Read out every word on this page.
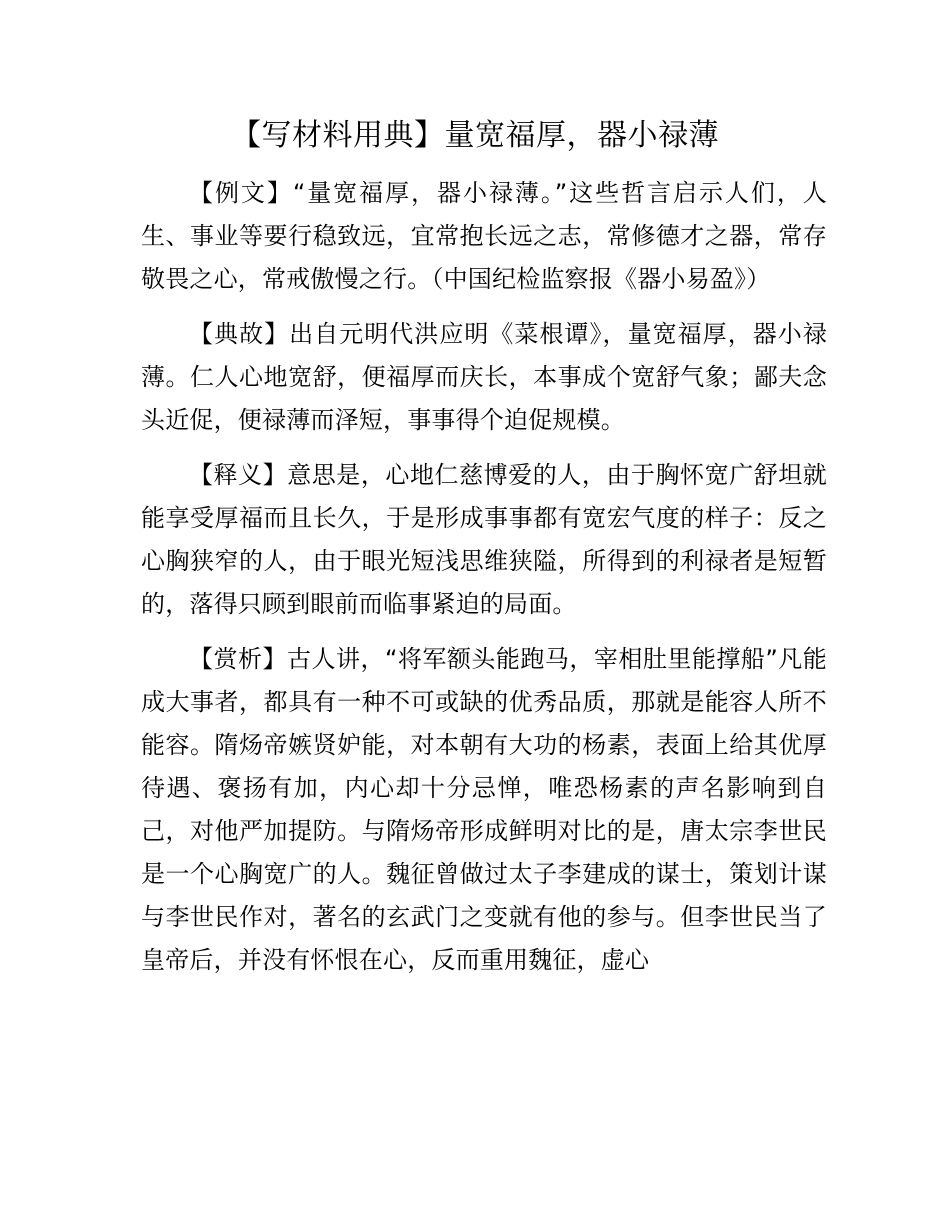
【写材料用典】量宽福厚，器小禄薄

【例文】“量宽福厚，器小禄薄。”这些哲言启示人们，人生、事业等要行稳致远，宜常抱长远之志，常修德才之器，常存敬畏之心，常戒傲慢之行。（中国纪检监察报《器小易盈》）

【典故】出自元明代洪应明《菜根谭》，量宽福厚，器小禄薄。仁人心地宽舒，便福厚而庆长，本事成个宽舒气象；鄙夫念头近促，便禄薄而泽短，事事得个迫促规模。

【释义】意思是，心地仁慈博爱的人，由于胸怀宽广舒坦就能享受厚福而且长久，于是形成事事都有宽宏气度的样子：反之心胸狭窄的人，由于眼光短浅思维狭隘，所得到的利禄者是短暂的，落得只顾到眼前而临事紧迫的局面。

【赏析】古人讲，“将军额头能跑马，宰相肚里能撑船”凡能成大事者，都具有一种不可或缺的优秀品质，那就是能容人所不能容。隋炀帝嫉贤妒能，对本朝有大功的杨素，表面上给其优厚待遇、褒扬有加，内心却十分忌惮，唯恐杨素的声名影响到自己，对他严加提防。与隋炀帝形成鲜明对比的是，唐太宗李世民是一个心胸宽广的人。魏征曾做过太子李建成的谋士，策划计谋与李世民作对，著名的玄武门之变就有他的参与。但李世民当了皇帝后，并没有怀恨在心，反而重用魏征，虚心
